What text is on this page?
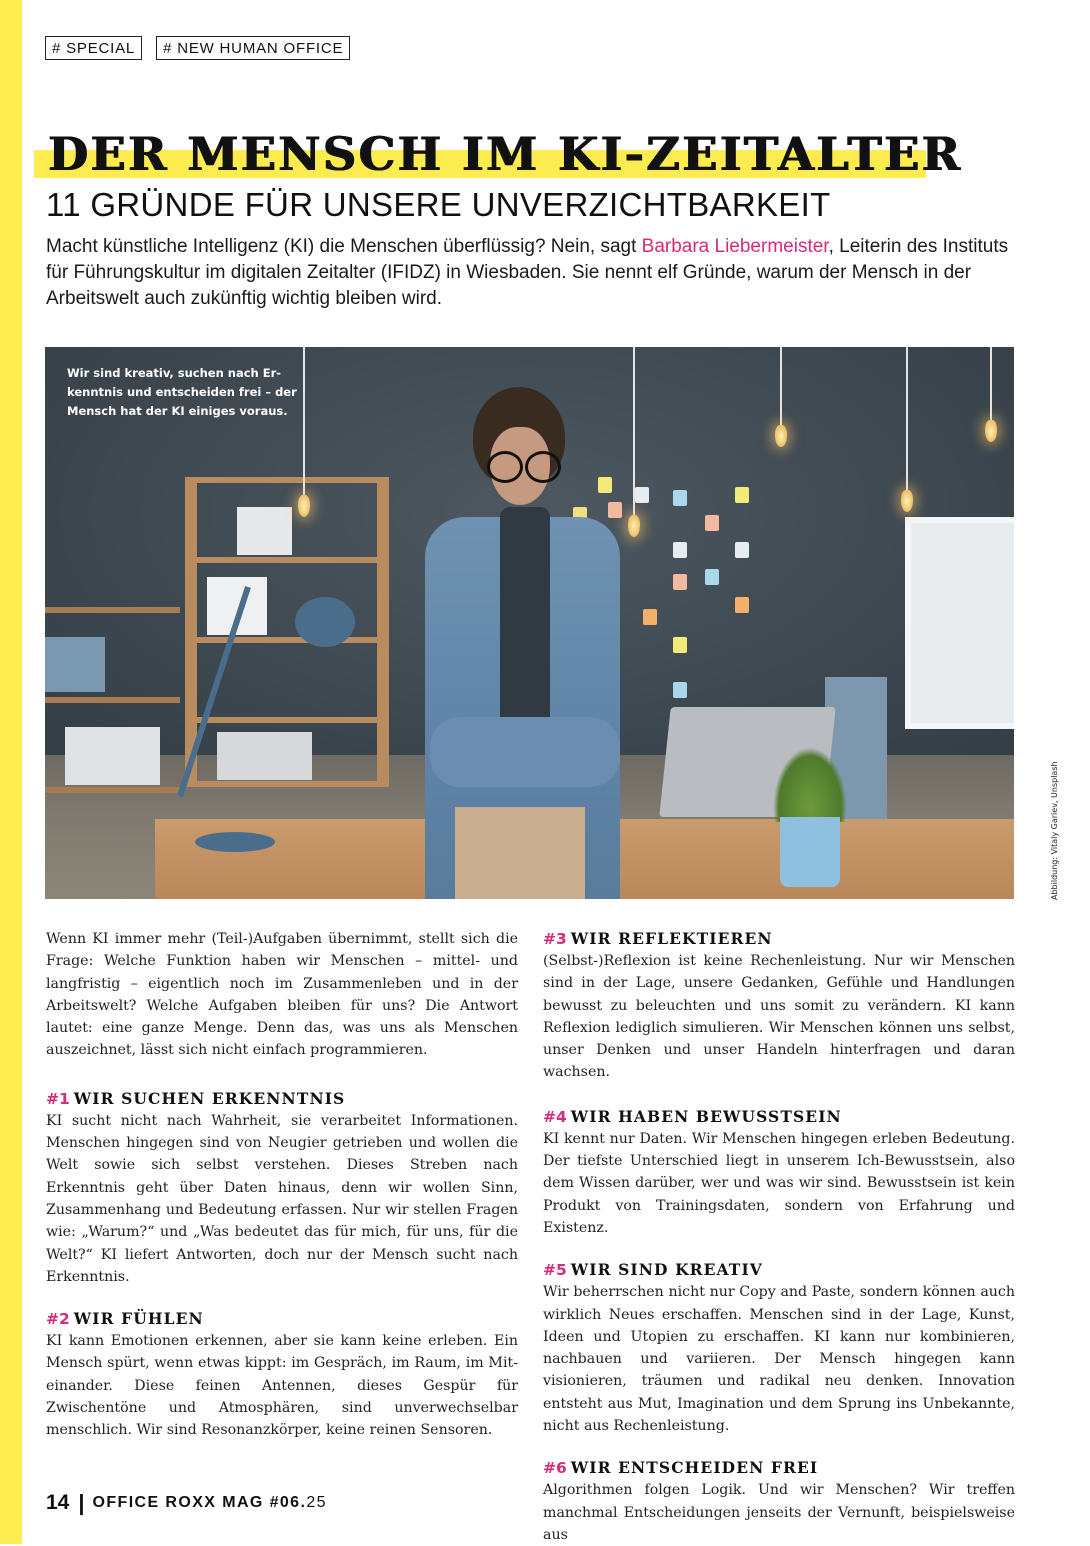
# SPECIAL	# NEW HUMAN OFFICE
DER MENSCH IM KI-ZEITALTER
11 GRÜNDE FÜR UNSERE UNVERZICHTBARKEIT

Macht künstliche Intelligenz (KI) die Menschen überflüssig? Nein, sagt Barbara Liebermeister, Leiterin des Instituts für Führungskultur im digitalen Zeitalter (IFIDZ) in Wiesbaden. Sie nennt elf Gründe, warum der Mensch in der Arbeitswelt auch zukünftig wichtig bleiben wird.

Wir sind kreativ, suchen nach Erkenntnis und entscheiden frei – der Mensch hat der KI einiges voraus.

Abbildung: Vitaly Gariev, Unsplash

Wenn KI immer mehr (Teil-)Aufgaben übernimmt, stellt sich die Frage: Welche Funktion haben wir Menschen – mittel- und langfristig – eigentlich noch im Zusammenleben und in der Arbeitswelt? Welche Aufgaben bleiben für uns? Die Antwort lautet: eine ganze Menge. Denn das, was uns als Menschen auszeichnet, lässt sich nicht einfach programmieren.

#1 WIR SUCHEN ERKENNTNIS

KI sucht nicht nach Wahrheit, sie verarbeitet Informationen. Menschen hingegen sind von Neugier getrieben und wollen die Welt sowie sich selbst verstehen. Dieses Streben nach Erkenntnis geht über Daten hinaus, denn wir wollen Sinn, Zusammenhang und Bedeutung erfassen. Nur wir stellen Fragen wie: „Warum?“ und „Was bedeutet das für mich, für uns, für die Welt?“ KI liefert Antworten, doch nur der Mensch sucht nach Erkenntnis.

#2 WIR FÜHLEN

KI kann Emotionen erkennen, aber sie kann keine erleben. Ein Mensch spürt, wenn etwas kippt: im Gespräch, im Raum, im Miteinander. Diese feinen Antennen, dieses Gespür für Zwischentöne und Atmosphären, sind unverwechselbar menschlich. Wir sind Resonanzkörper, keine reinen Sensoren.

#3 WIR REFLEKTIEREN

(Selbst-)Reflexion ist keine Rechenleistung. Nur wir Menschen sind in der Lage, unsere Gedanken, Gefühle und Handlungen bewusst zu beleuchten und uns somit zu verändern. KI kann Reflexion lediglich simulieren. Wir Menschen können uns selbst, unser Denken und unser Handeln hinterfragen und daran wachsen.

#4 WIR HABEN BEWUSSTSEIN

KI kennt nur Daten. Wir Menschen hingegen erleben Bedeutung. Der tiefste Unterschied liegt in unserem Ich-Bewusstsein, also dem Wissen darüber, wer und was wir sind. Bewusstsein ist kein Produkt von Trainingsdaten, sondern von Erfahrung und Existenz.

#5 WIR SIND KREATIV

Wir beherrschen nicht nur Copy and Paste, sondern können auch wirklich Neues erschaffen. Menschen sind in der Lage, Kunst, Ideen und Utopien zu erschaffen. KI kann nur kombinieren, nachbauen und variieren. Der Mensch hingegen kann visionieren, träumen und radikal neu denken. Innovation entsteht aus Mut, Imagination und dem Sprung ins Unbekannte, nicht aus Rechenleistung.

#6 WIR ENTSCHEIDEN FREI

Algorithmen folgen Logik. Und wir Menschen? Wir treffen manchmal Entscheidungen jenseits der Vernunft, beispielsweise aus

14 | OFFICE ROXX MAG #06. 25
